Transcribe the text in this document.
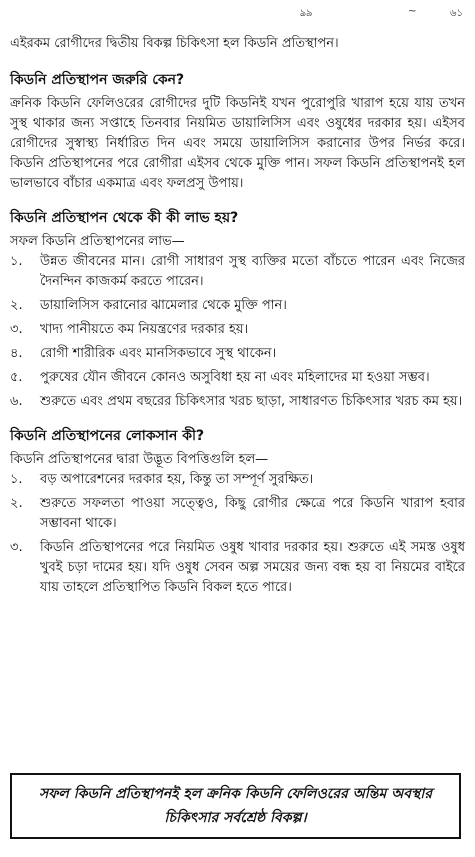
ঌ৯	~	৬১

এইরকম রোগীদের দ্বিতীয় বিকল্প চিকিৎসা হল কিডনি প্রতিস্থাপন।

কিডনি প্রতিস্থাপন জরুরি কেন?

ক্রনিক কিডনি ফেলিওরের রোগীদের দুটি কিডনিই যখন পুরোপুরি খারাপ হয়ে যায় তখন সুস্থ থাকার জন্য সপ্তাহে তিনবার নিয়মিত ডায়ালিসিস এবং ওষুধের দরকার হয়। এইসব রোগীদের সুস্বাস্থ্য নির্ধারিত দিন এবং সময়ে ডায়ালিসিস করানোর উপর নির্ভর করে। কিডনি প্রতিস্থাপনের পরে রোগীরা এইসব থেকে মুক্তি পান। সফল কিডনি প্রতিস্থাপনই হল ভালভাবে বাঁচার একমাত্র এবং ফলপ্রসু উপায়।

কিডনি প্রতিস্থাপন থেকে কী কী লাভ হয়?

সফল কিডনি প্রতিস্থাপনের লাভ—

১.	উন্নত জীবনের মান। রোগী সাধারণ সুস্থ ব্যক্তির মতো বাঁচতে পারেন এবং নিজের দৈনন্দিন কাজকর্ম করতে পারেন।
২.	ডায়ালিসিস করানোর ঝামেলার থেকে মুক্তি পান।
৩.	খাদ্য পানীয়তে কম নিয়ন্ত্রণের দরকার হয়।
৪.	রোগী শারীরিক এবং মানসিকভাবে সুস্থ থাকেন।
৫.	পুরুষের যৌন জীবনে কোনও অসুবিধা হয় না এবং মহিলাদের মা হওয়া সম্ভব।
৬.	শুরুতে এবং প্রথম বছরের চিকিৎসার খরচ ছাড়া, সাধারণত চিকিৎসার খরচ কম হয়।
কিডনি প্রতিস্থাপনের লোকসান কী?

কিডনি প্রতিস্থাপনের দ্বারা উদ্ভূত বিপত্তিগুলি হল—

১.	বড় অপারেশনের দরকার হয়, কিন্তু তা সম্পূর্ণ সুরক্ষিত।
২.	শুরুতে সফলতা পাওয়া সত্ত্বেও, কিছু রোগীর ক্ষেত্রে পরে কিডনি খারাপ হবার সম্ভাবনা থাকে।
৩.	কিডনি প্রতিস্থাপনের পরে নিয়মিত ওষুধ খাবার দরকার হয়। শুরুতে এই সমস্ত ওষুধ খুবই চড়া দামের হয়। যদি ওষুধ সেবন অল্প সময়ের জন্য বন্ধ হয় বা নিয়মের বাইরে যায় তাহলে প্রতিস্থাপিত কিডনি বিকল হতে পারে।
সফল কিডনি প্রতিস্থাপনই হল ক্রনিক কিডনি ফেলিওরের অন্তিম অবস্থার চিকিৎসার সর্বশ্রেষ্ঠ বিকল্প।
